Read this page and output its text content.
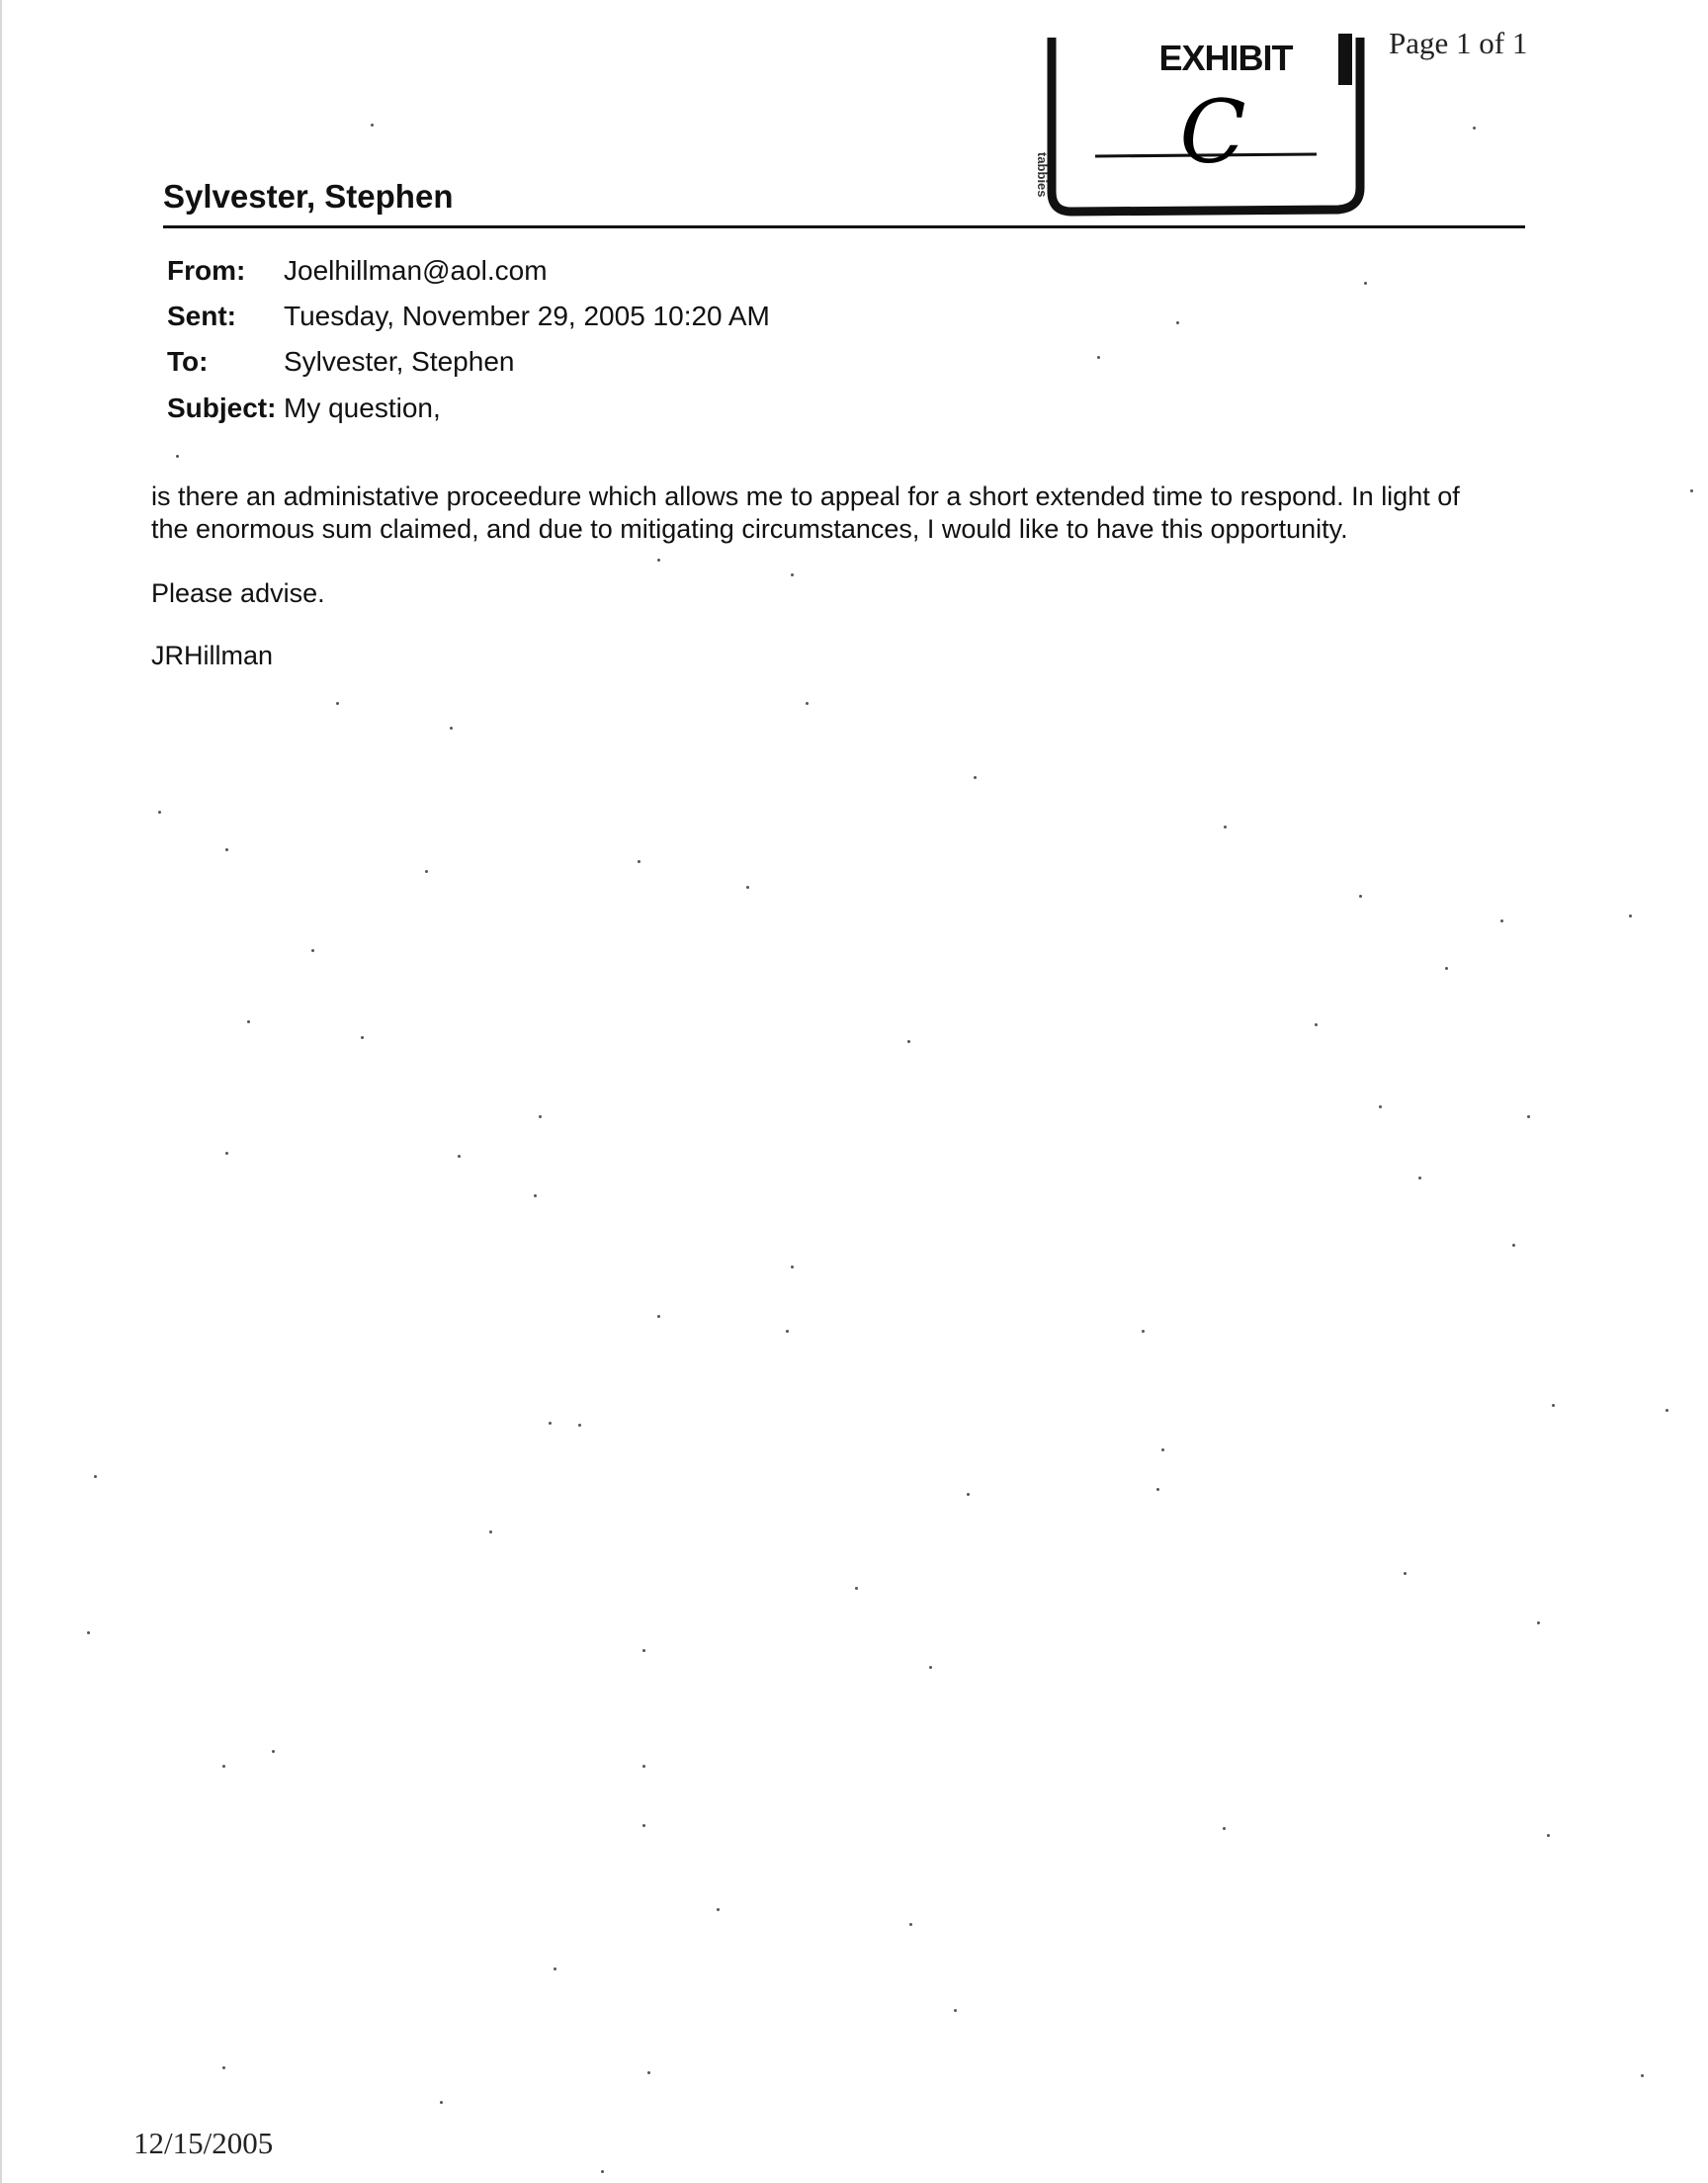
Page 1 of 1
EXHIBIT
tabbies C
Sylvester, Stephen
From: Joelhillman@aol.com
Sent: Tuesday, November 29, 2005 10:20 AM
To:	Sylvester, Stephen
Subject: My question,
is there an administative proceedure which allows me to appeal for a short extended time to respond. In light of
the enormous sum claimed, and due to mitigating circumstances, I would like to have this opportunity.
Please advise.
JRHillman
12/15/2005
